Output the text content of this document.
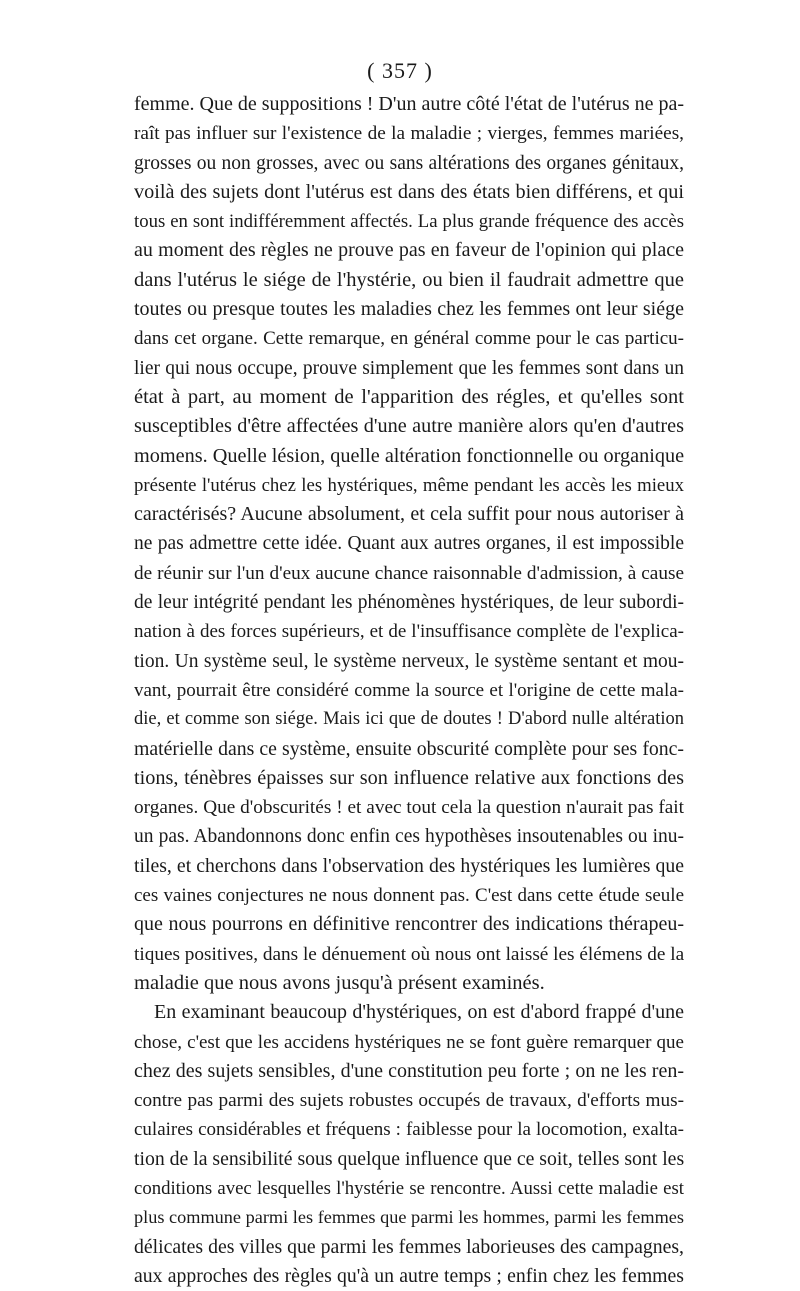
( 357 )
femme. Que de suppositions ! D'un autre côté l'état de l'utérus ne pa-
raît pas influer sur l'existence de la maladie ; vierges, femmes mariées,
grosses ou non grosses, avec ou sans altérations des organes génitaux,
voilà des sujets dont l'utérus est dans des états bien différens, et qui
tous en sont indifféremment affectés. La plus grande fréquence des accès
au moment des règles ne prouve pas en faveur de l'opinion qui place
dans l'utérus le siége de l'hystérie, ou bien il faudrait admettre que
toutes ou presque toutes les maladies chez les femmes ont leur siége
dans cet organe. Cette remarque, en général comme pour le cas particu-
lier qui nous occupe, prouve simplement que les femmes sont dans un
état à part, au moment de l'apparition des régles, et qu'elles sont
susceptibles d'être affectées d'une autre manière alors qu'en d'autres
momens. Quelle lésion, quelle altération fonctionnelle ou organique
présente l'utérus chez les hystériques, même pendant les accès les mieux
caractérisés? Aucune absolument, et cela suffit pour nous autoriser à
ne pas admettre cette idée. Quant aux autres organes, il est impossible
de réunir sur l'un d'eux aucune chance raisonnable d'admission, à cause
de leur intégrité pendant les phénomènes hystériques, de leur subordi-
nation à des forces supérieurs, et de l'insuffisance complète de l'explica-
tion. Un système seul, le système nerveux, le système sentant et mou-
vant, pourrait être considéré comme la source et l'origine de cette mala-
die, et comme son siége. Mais ici que de doutes ! D'abord nulle altération
matérielle dans ce système, ensuite obscurité complète pour ses fonc-
tions, ténèbres épaisses sur son influence relative aux fonctions des
organes. Que d'obscurités ! et avec tout cela la question n'aurait pas fait
un pas. Abandonnons donc enfin ces hypothèses insoutenables ou inu-
tiles, et cherchons dans l'observation des hystériques les lumières que
ces vaines conjectures ne nous donnent pas. C'est dans cette étude seule
que nous pourrons en définitive rencontrer des indications thérapeu-
tiques positives, dans le dénuement où nous ont laissé les élémens de la
maladie que nous avons jusqu'à présent examinés.
En examinant beaucoup d'hystériques, on est d'abord frappé d'une
chose, c'est que les accidens hystériques ne se font guère remarquer que
chez des sujets sensibles, d'une constitution peu forte ; on ne les ren-
contre pas parmi des sujets robustes occupés de travaux, d'efforts mus-
culaires considérables et fréquens : faiblesse pour la locomotion, exalta-
tion de la sensibilité sous quelque influence que ce soit, telles sont les
conditions avec lesquelles l'hystérie se rencontre. Aussi cette maladie est
plus commune parmi les femmes que parmi les hommes, parmi les femmes
délicates des villes que parmi les femmes laborieuses des campagnes,
aux approches des règles qu'à un autre temps ; enfin chez les femmes
